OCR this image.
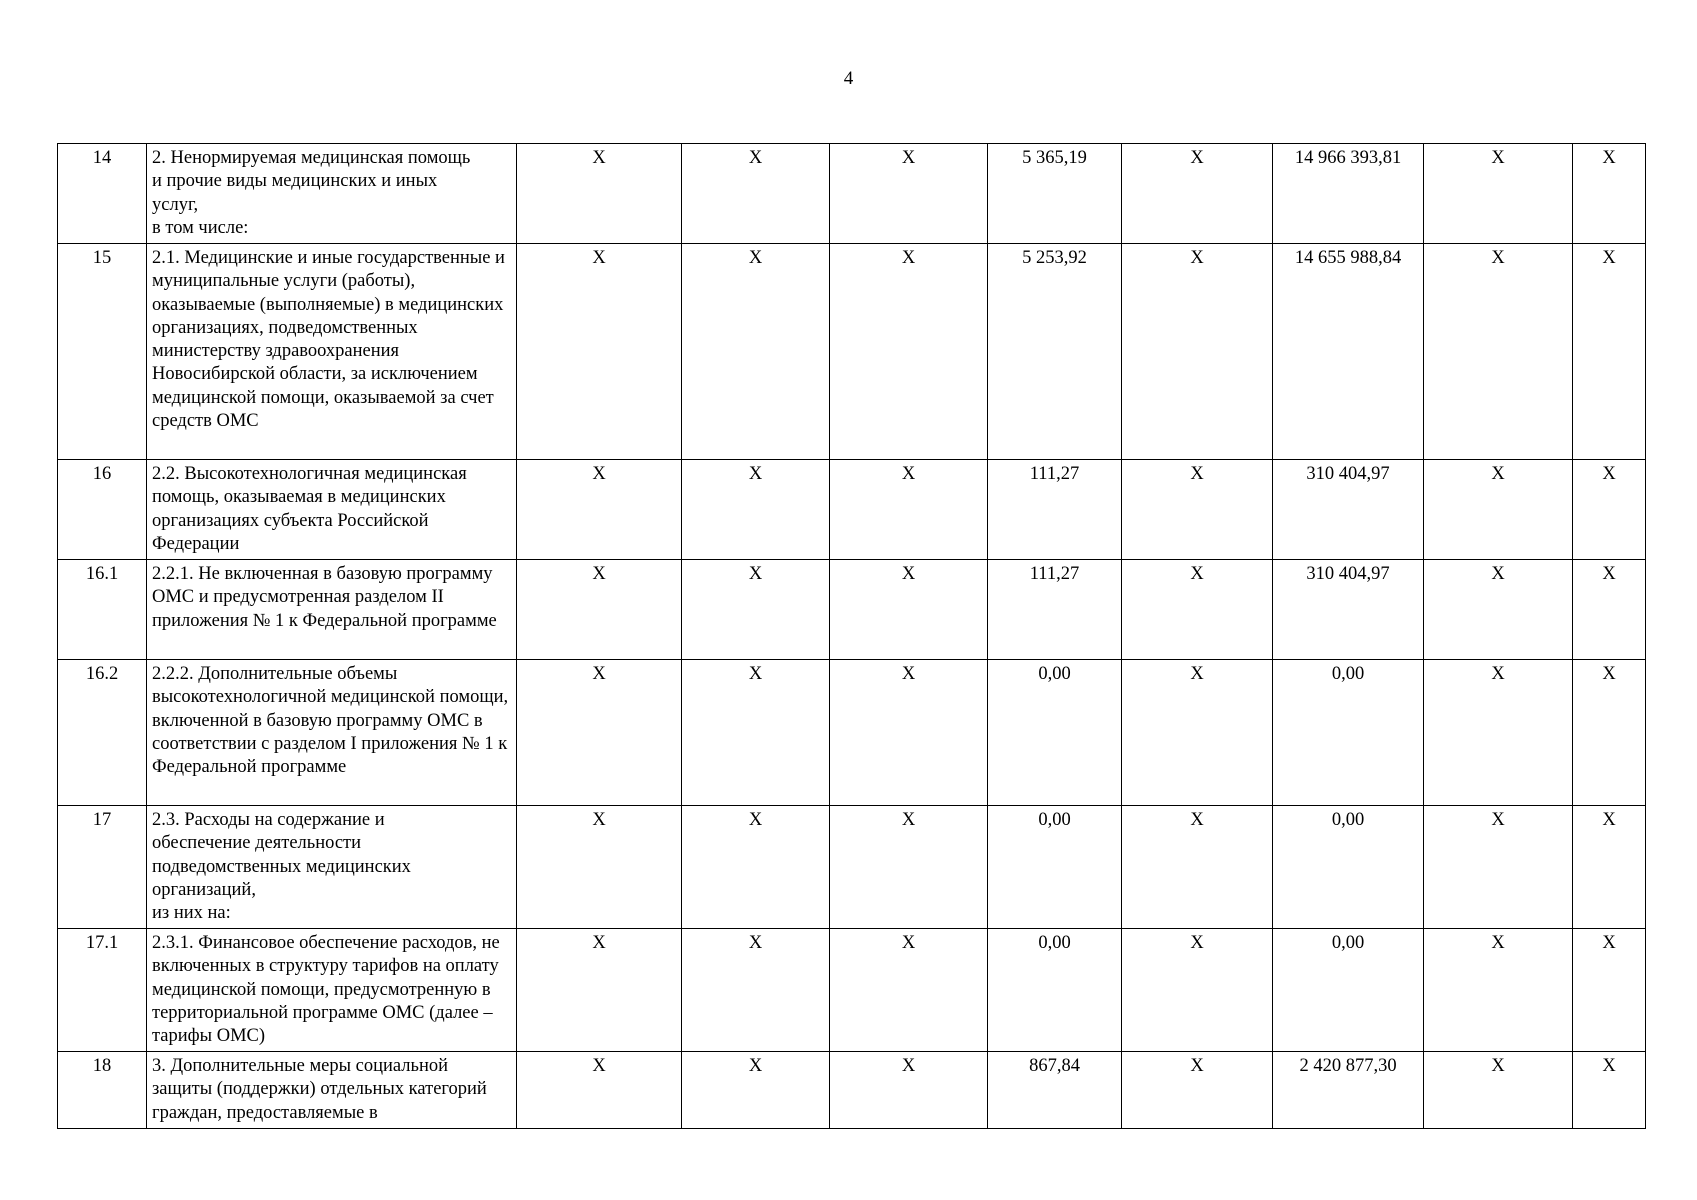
4
14	2. Ненормируемая медицинская помощь
и прочие виды медицинских и иных
услуг,
в том числе:	X	X	X	5 365,19	X	14 966 393,81	X	X
15	2.1. Медицинские и иные государственные и муниципальные услуги (работы), оказываемые (выполняемые) в медицинских организациях, подведомственных министерству здравоохранения Новосибирской области, за исключением медицинской помощи, оказываемой за счет средств ОМС	X	X	X	5 253,92	X	14 655 988,84	X	X
16	2.2. Высокотехнологичная медицинская помощь, оказываемая в медицинских организациях субъекта Российской Федерации	X	X	X	111,27	X	310 404,97	X	X
16.1	2.2.1. Не включенная в базовую программу ОМС и предусмотренная разделом II приложения № 1 к Федеральной программе	X	X	X	111,27	X	310 404,97	X	X
16.2	2.2.2. Дополнительные объемы высокотехнологичной медицинской помощи, включенной в базовую программу ОМС в соответствии с разделом I приложения № 1 к Федеральной программе	X	X	X	0,00	X	0,00	X	X
17	2.3. Расходы на содержание и
обеспечение деятельности
подведомственных медицинских
организаций,
из них на:	X	X	X	0,00	X	0,00	X	X
17.1	2.3.1. Финансовое обеспечение расходов, не включенных в структуру тарифов на оплату медицинской помощи, предусмотренную в территориальной программе ОМС (далее – тарифы ОМС)	X	X	X	0,00	X	0,00	X	X
18	3. Дополнительные меры социальной защиты (поддержки) отдельных категорий граждан, предоставляемые в	X	X	X	867,84	X	2 420 877,30	X	X
